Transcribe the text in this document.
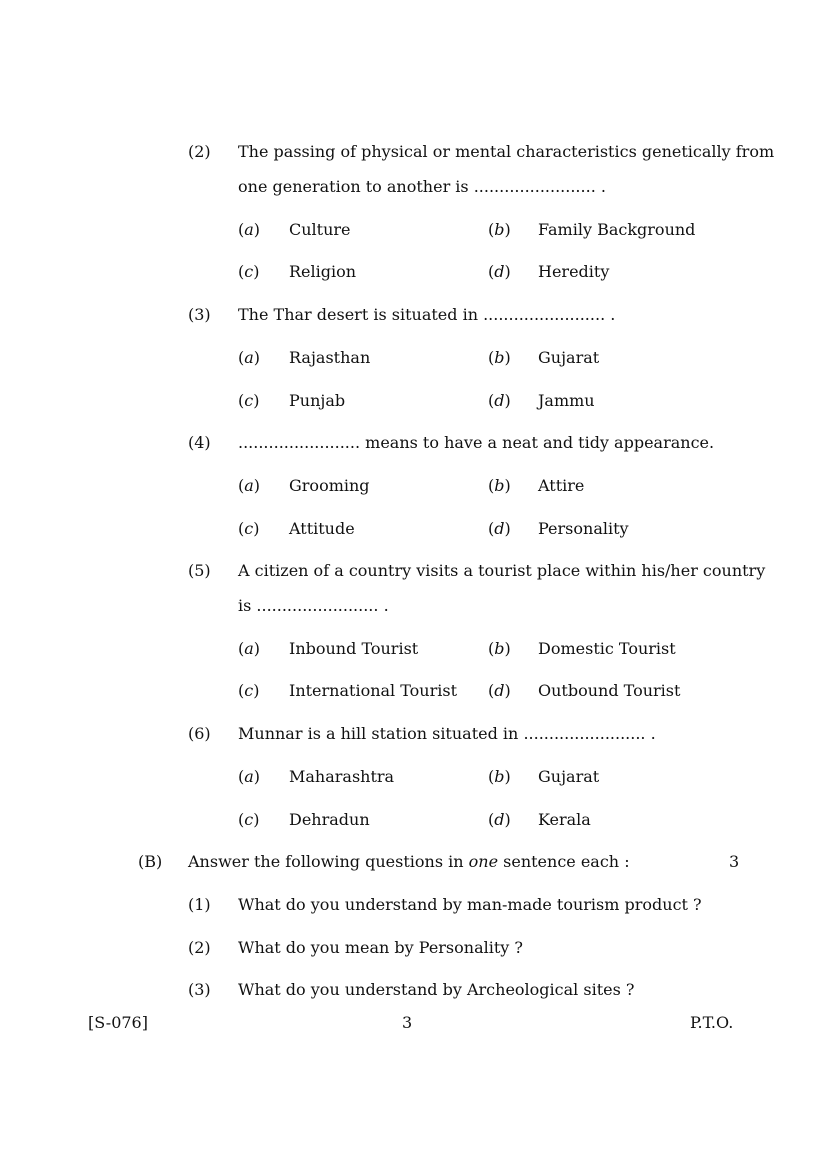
(2) The passing of physical or mental characteristics genetically from
one generation to another is ........................ .
(a) Culture	(b) Family Background
(c) Religion	(d) Heredity
(3) The Thar desert is situated in ........................ .
(a) Rajasthan	(b) Gujarat
(c) Punjab	(d) Jammu
(4) ........................ means to have a neat and tidy appearance.
(a) Grooming	(b) Attire
(c) Attitude	(d) Personality
(5) A citizen of a country visits a tourist place within his/her country
is ........................ .
(a) Inbound Tourist	(b) Domestic Tourist
(c) International Tourist (d) Outbound Tourist
(6) Munnar is a hill station situated in ........................ .
(a) Maharashtra	(b) Gujarat
(c) Dehradun	(d) Kerala
(B) Answer the following questions in one sentence each :	3
(1) What do you understand by man-made tourism product ?
(2) What do you mean by Personality ?
(3) What do you understand by Archeological sites ?
[S-076]	3	P.T.O.
